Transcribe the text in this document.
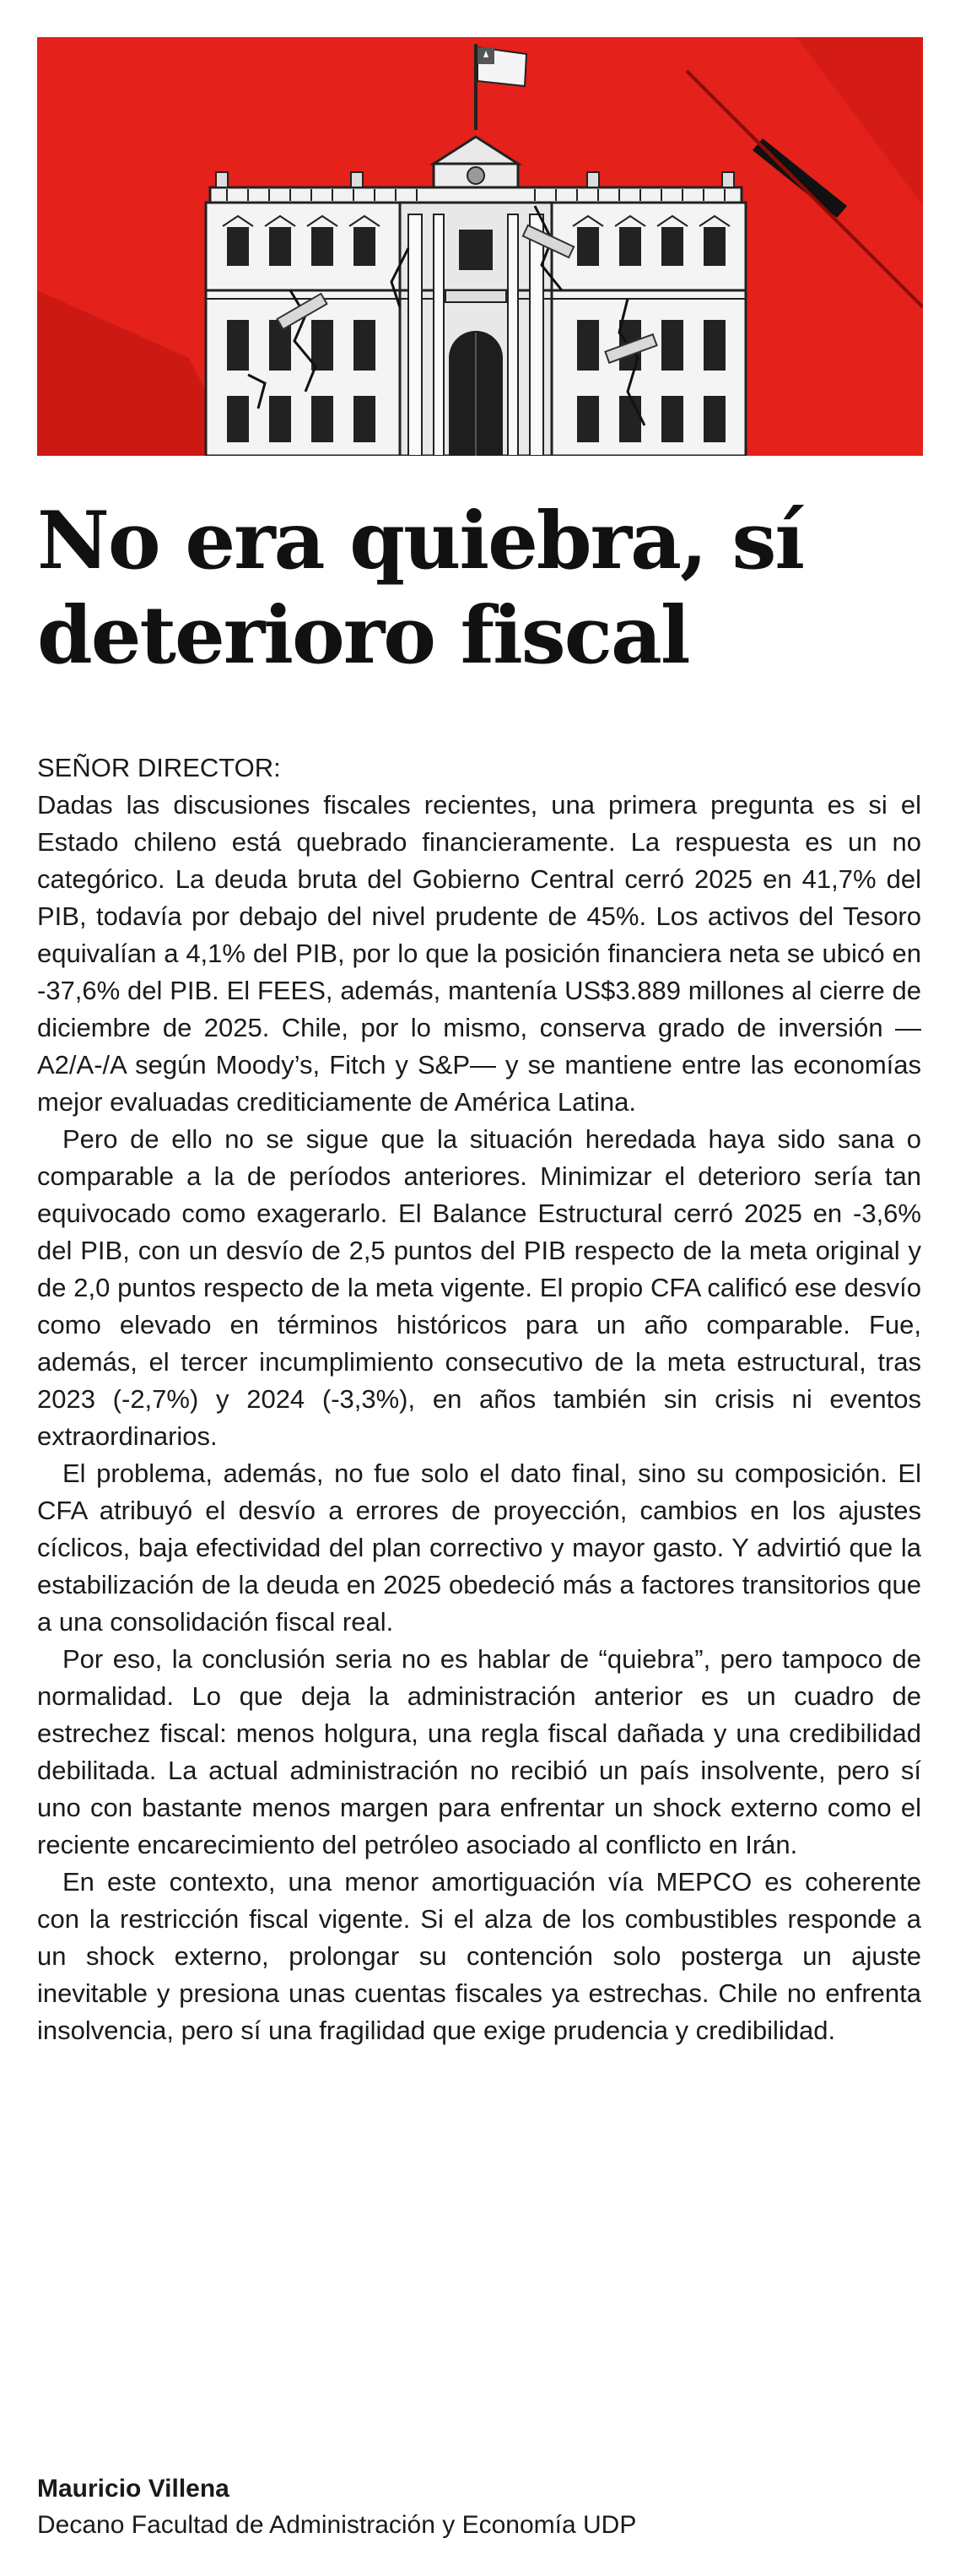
No era quiebra, sí deterioro fiscal

SEÑOR DIRECTOR:

Dadas las discusiones fiscales recientes, una primera pregunta es si el Estado chileno está quebrado financieramente. La respuesta es un no categórico. La deuda bruta del Gobierno Central cerró 2025 en 41,7% del PIB, todavía por debajo del nivel prudente de 45%. Los activos del Tesoro equivalían a 4,1% del PIB, por lo que la posición financiera neta se ubicó en -37,6% del PIB. El FEES, además, mantenía US$3.889 millones al cierre de diciembre de 2025. Chile, por lo mismo, conserva grado de inversión —A2/A-/A según Moody’s, Fitch y S&P— y se mantiene entre las economías mejor evaluadas crediticiamente de América Latina.

Pero de ello no se sigue que la situación heredada haya sido sana o comparable a la de períodos anteriores. Minimizar el deterioro sería tan equivocado como exagerarlo. El Balance Estructural cerró 2025 en -3,6% del PIB, con un desvío de 2,5 puntos del PIB respecto de la meta original y de 2,0 puntos respecto de la meta vigente. El propio CFA calificó ese desvío como elevado en términos históricos para un año comparable. Fue, además, el tercer incumplimiento consecutivo de la meta estructural, tras 2023 (-2,7%) y 2024 (-3,3%), en años también sin crisis ni eventos extraordinarios.

El problema, además, no fue solo el dato final, sino su composición. El CFA atribuyó el desvío a errores de proyección, cambios en los ajustes cíclicos, baja efectividad del plan correctivo y mayor gasto. Y advirtió que la estabilización de la deuda en 2025 obedeció más a factores transitorios que a una consolidación fiscal real.

Por eso, la conclusión seria no es hablar de “quiebra”, pero tampoco de normalidad. Lo que deja la administración anterior es un cuadro de estrechez fiscal: menos holgura, una regla fiscal dañada y una credibilidad debilitada. La actual administración no recibió un país insolvente, pero sí uno con bastante menos margen para enfrentar un shock externo como el reciente encarecimiento del petróleo asociado al conflicto en Irán.

En este contexto, una menor amortiguación vía MEPCO es coherente con la restricción fiscal vigente. Si el alza de los combustibles responde a un shock externo, prolongar su contención solo posterga un ajuste inevitable y presiona unas cuentas fiscales ya estrechas. Chile no enfrenta insolvencia, pero sí una fragilidad que exige prudencia y credibilidad.

Mauricio Villena

Decano Facultad de Administración y Economía UDP
